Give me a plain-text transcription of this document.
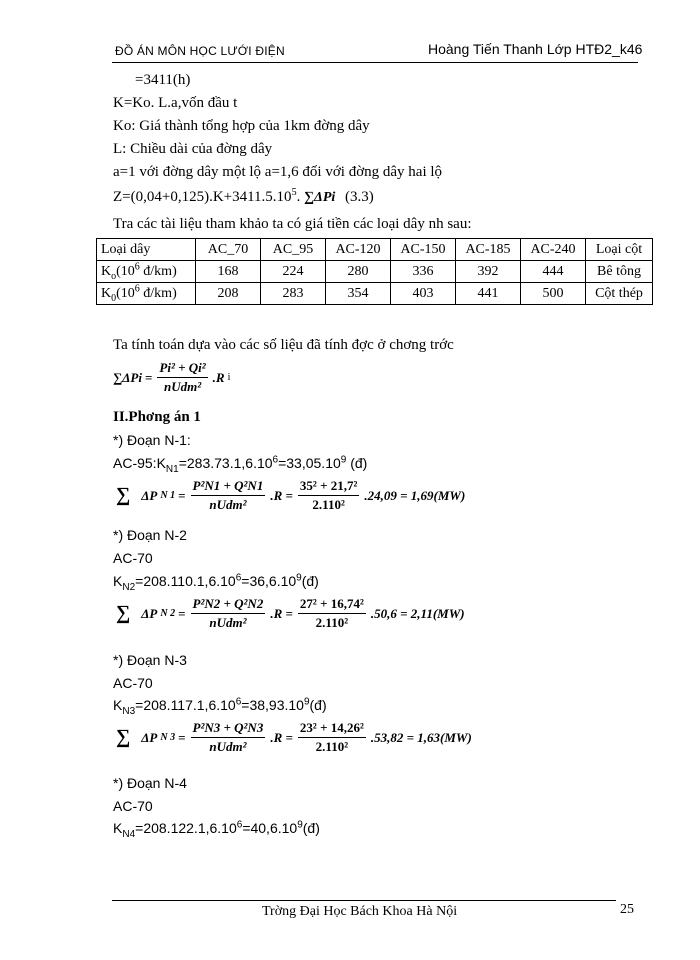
ĐỒ ÁN MÔN HỌC LƯỚI ĐIỆN	Hoàng Tiến Thanh Lớp HTĐ2_k46
=3411(h)
K=Ko. L.a,vốn đầu t
Ko: Giá thành tổng hợp của 1km đờng dây
L: Chiều dài của đờng dây
a=1 với đờng dây một lộ a=1,6 đối với đờng dây hai lộ
$Z=(0,04+0,125).K+3411.5.10^5$. ∑ΔPi (3.3)
Tra các tài liệu tham khảo ta có giá tiền các loại dây nh sau:
Loại dây	AC_70	AC_95	AC-120	AC-150	AC-185	AC-240	Loại cột
$K_o(10^6$ đ/km)	168	224	280	336	392	444	Bê tông
$K_0(10^6$ đ/km)	208	283	354	403	441	500	Cột thép
Ta tính toán dựa vào các số liệu đã tính đợc ở chơng trớc
$\sum\Delta Pi = \frac{\text{Pi² + Qi²}}{\text{nUdm²}} .R$ i
II.Phơng án 1
*) Đoạn N-1:
$AC-95:K_{N1}=283.73.1,6.10^6=33,05.10^9$ (đ)
∑ ΔP N $1 = \frac{\text{P²N1 + Q²N1}}{\text{nUdm²}} .R = \frac{\text{35² + 21,7²}}{\text{2.110²}} .24,09 = 1,69(MW)$
*) Đoạn N-2
AC-70
$K_{N2}=208.110.1,6.10^6=36,6.10^9(đ)$
∑ ΔP N $2 = \frac{\text{P²N2 + Q²N2}}{\text{nUdm²}} .R = \frac{\text{27² + 16,74²}}{\text{2.110²}} .50,6 = 2,11(MW)$
*) Đoạn N-3
AC-70
$K_{N3}=208.117.1,6.10^6=38,93.10^9(đ)$
∑ ΔP N $3 = \frac{\text{P²N3 + Q²N3}}{\text{nUdm²}} .R = \frac{\text{23² + 14,26²}}{\text{2.110²}} .53,82 = 1,63(MW)$
*) Đoạn N-4
AC-70
$K_{N4}=208.122.1,6.10^6=40,6.10^9(đ)$
Trờng Đại Học Bách Khoa Hà Nội	25
